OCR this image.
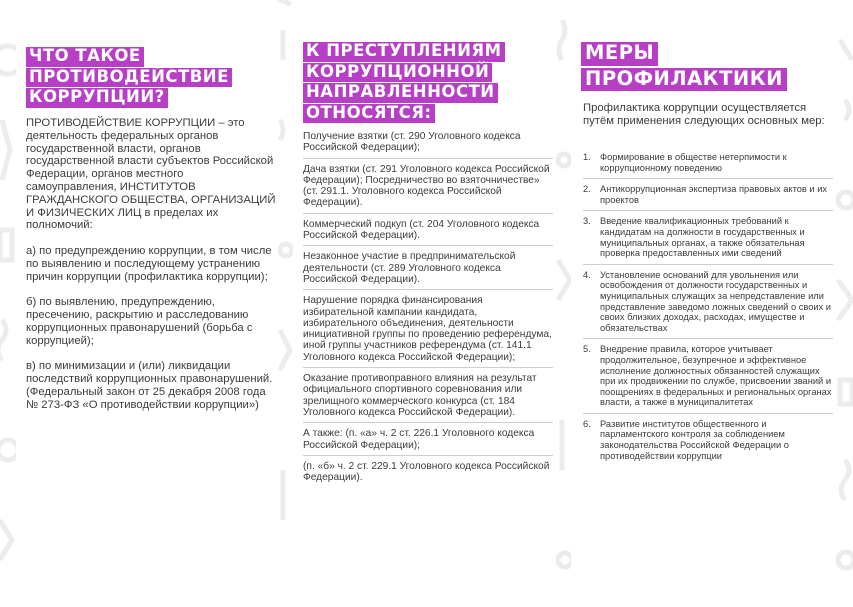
ЧТО ТАКОЕ
ПРОТИВОДЕЙСТВИЕ
КОРРУПЦИИ?

ПРОТИВОДЕЙСТВИЕ КОРРУПЦИИ – это деятельность федеральных органов государственной власти, органов государственной власти субъектов Российской Федерации, органов местного самоуправления, ИНСТИТУТОВ ГРАЖДАНСКОГО ОБЩЕСТВА, ОРГАНИЗАЦИЙ И ФИЗИЧЕСКИХ ЛИЦ в пределах их полномочий:

а) по предупреждению коррупции, в том числе по выявлению и последующему устранению причин коррупции (профилактика коррупции);

б) по выявлению, предупреждению, пресечению, раскрытию и расследованию коррупционных правонарушений (борьба с коррупцией);

в) по минимизации и (или) ликвидации последствий коррупционных правонарушений. (Федеральный закон от 25 декабря 2008 года № 273-ФЗ «О противодействии коррупции»)

К ПРЕСТУПЛЕНИЯМ
КОРРУПЦИОННОЙ
НАПРАВЛЕННОСТИ
ОТНОСЯТСЯ:
Получение взятки (ст. 290 Уголовного кодекса Российской Федерации);
Дача взятки (ст. 291 Уголовного кодекса Российской Федерации); Посредничество во взяточничестве» (ст. 291.1. Уголовного кодекса Российской Федерации).
Коммерческий подкуп (ст. 204 Уголовного кодекса Российской Федерации).
Незаконное участие в предпринимательской деятельности (ст. 289 Уголовного кодекса Российской Федерации).
Нарушение порядка финансирования избирательной кампании кандидата, избирательного объединения, деятельности инициативной группы по проведению референдума, иной группы участников референдума (ст. 141.1 Уголовного кодекса Российской Федерации);
Оказание противоправного влияния на результат официального спортивного соревнования или зрелищного коммерческого конкурса (ст. 184 Уголовного кодекса Российской Федерации).
А также: (п. «а» ч. 2 ст. 226.1 Уголовного кодекса Российской Федерации);
(п. «б» ч. 2 ст. 229.1 Уголовного кодекса Российской Федерации).
МЕРЫ
ПРОФИЛАКТИКИ

Профилактика коррупции осуществляется путём применения следующих основных мер:

1. Формирование в обществе нетерпимости к коррупционному поведению
2. Антикоррупционная экспертиза правовых актов и их проектов
3. Введение квалификационных требований к кандидатам на должности в государственных и муниципальных органах, а также обязательная проверка предоставленных ими сведений
4. Установление оснований для увольнения или освобождения от должности государственных и муниципальных служащих за непредставление или представление заведомо ложных сведений о своих и своих близких доходах, расходах, имуществе и обязательствах
5. Внедрение правила, которое учитывает продолжительное, безупречное и эффективное исполнение должностных обязанностей служащих при их продвижении по службе, присвоении званий и поощрениях в федеральных и региональных органах власти, а также в муниципалитетах
6. Развитие институтов общественного и парламентского контроля за соблюдением законодательства Российской Федерации о противодействии коррупции
